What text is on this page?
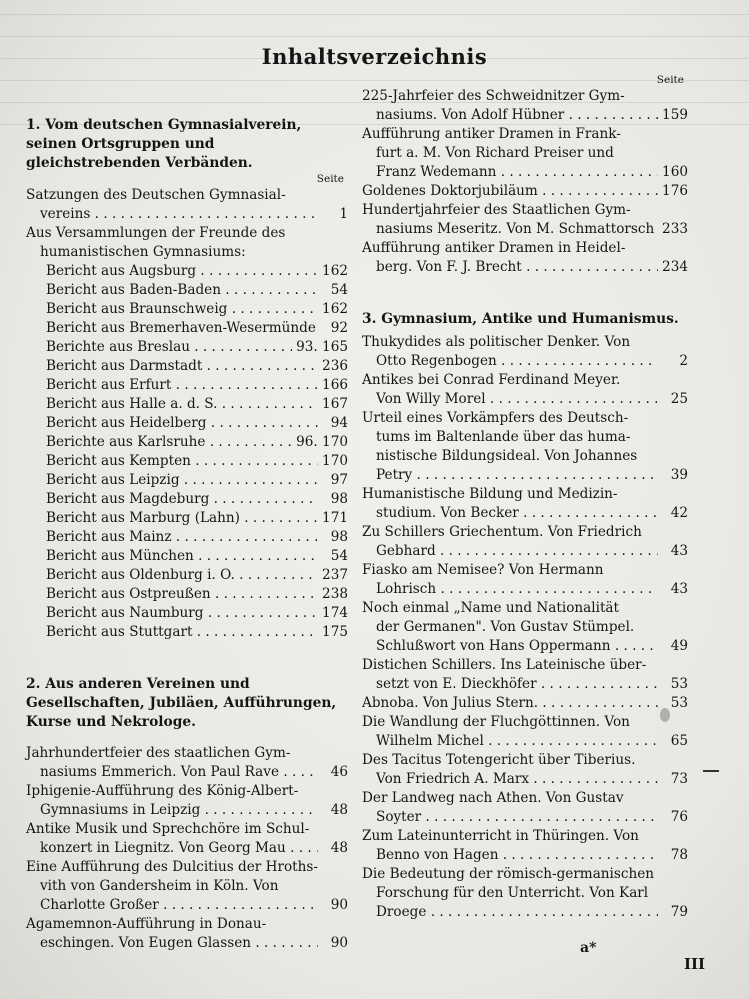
Inhaltsverzeichnis
1. Vom deutschen Gymnasialverein, seinen Ortsgruppen und gleichstrebenden Verbänden.
Seite
Satzungen des Deutschen Gymnasial-
vereins . . .	1
Aus Versammlungen der Freunde des
humanistischen Gymnasiums:
Bericht aus Augsburg . . .	162
Bericht aus Baden-Baden . . .	54
Bericht aus Braunschweig . . .	162
Bericht aus Bremerhaven-Wesermünde . . .	92
Berichte aus Breslau . . .	93. 165
Bericht aus Darmstadt . . .	236
Bericht aus Erfurt . . .	166
Bericht aus Halle a. d. S. . . .	167
Bericht aus Heidelberg . . .	94
Berichte aus Karlsruhe . . .	96. 170
Bericht aus Kempten . . .	170
Bericht aus Leipzig . . .	97
Bericht aus Magdeburg . . .	98
Bericht aus Marburg (Lahn) . . .	171
Bericht aus Mainz . . .	98
Bericht aus München . . .	54
Bericht aus Oldenburg i. O. . . .	237
Bericht aus Ostpreußen . . .	238
Bericht aus Naumburg . . .	174
Bericht aus Stuttgart . . .	175
2. Aus anderen Vereinen und Gesellschaften, Jubiläen, Aufführungen, Kurse und Nekrologe.
Jahrhundertfeier des staatlichen Gym-
nasiums Emmerich. Von Paul Rave . . .	46
Iphigenie-Aufführung des König-Albert-
Gymnasiums in Leipzig . . .	48
Antike Musik und Sprechchöre im Schul-
konzert in Liegnitz. Von Georg Mau . . .	48
Eine Aufführung des Dulcitius der Hroths-
vith von Gandersheim in Köln. Von
Charlotte Großer . . .	90
Agamemnon-Aufführung in Donau-
eschingen. Von Eugen Glassen . . .	90
Seite
225-Jahrfeier des Schweidnitzer Gym-
nasiums. Von Adolf Hübner . . .	159
Aufführung antiker Dramen in Frank-
furt a. M. Von Richard Preiser und
Franz Wedemann . . .	160
Goldenes Doktorjubiläum . . .	176
Hundertjahrfeier des Staatlichen Gym-
nasiums Meseritz. Von M. Schmattorsch . . . 233
Aufführung antiker Dramen in Heidel-
berg. Von F. J. Brecht . . .	234
3. Gymnasium, Antike und Humanismus.
Thukydides als politischer Denker. Von
Otto Regenbogen . . .	2
Antikes bei Conrad Ferdinand Meyer.
Von Willy Morel . . .	25
Urteil eines Vorkämpfers des Deutsch-
tums im Baltenlande über das huma-
nistische Bildungsideal. Von Johannes
Petry . . .	39
Humanistische Bildung und Medizin-
studium. Von Becker . . .	42
Zu Schillers Griechentum. Von Friedrich
Gebhard . . .	43
Fiasko am Nemisee? Von Hermann
Lohrisch . . .	43
Noch einmal „Name und Nationalität
der Germanen". Von Gustav Stümpel.
Schlußwort von Hans Oppermann . . .	49
Distichen Schillers. Ins Lateinische über-
setzt von E. Dieckhöfer . . .	53
Abnoba. Von Julius Stern. . . .	53
Die Wandlung der Fluchgöttinnen. Von
Wilhelm Michel . . .	65
Des Tacitus Totengericht über Tiberius.
Von Friedrich A. Marx . . .	73
Der Landweg nach Athen. Von Gustav
Soyter . . .	76
Zum Lateinunterricht in Thüringen. Von
Benno von Hagen . . .	78
Die Bedeutung der römisch-germanischen
Forschung für den Unterricht. Von Karl
Droege . . .	79
a*
III
